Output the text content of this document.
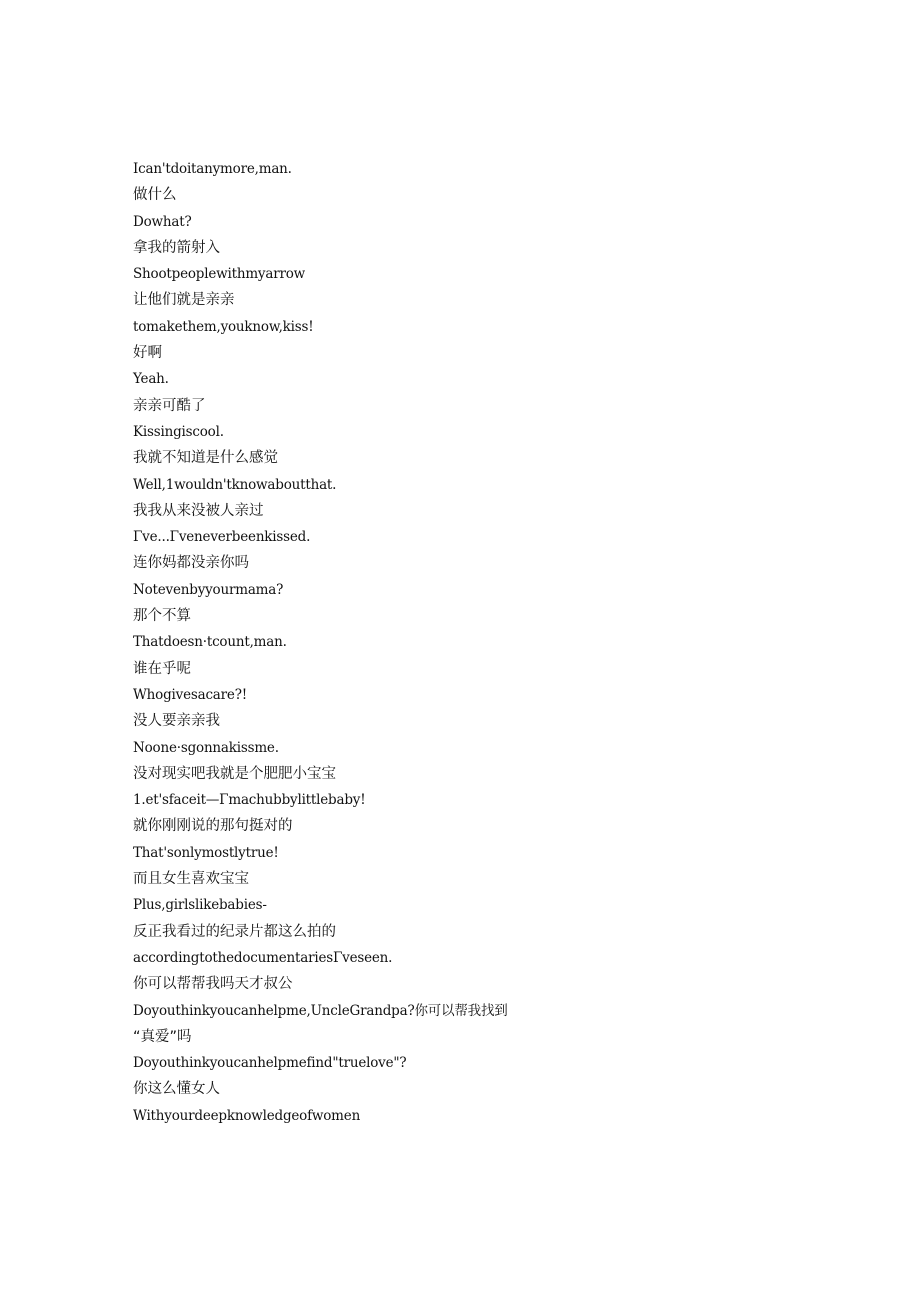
Ican'tdoitanymore,man.
做什么
Dowhat?
拿我的箭射入
Shootpeoplewithmyarrow
让他们就是亲亲
tomakethem,youknow,kiss!
好啊
Yeah.
亲亲可酷了
Kissingiscool.
我就不知道是什么感觉
Well,1wouldn'tknowaboutthat.
我我从来没被人亲过
Γve...Γveneverbeenkissed.
连你妈都没亲你吗
Notevenbyyourmama?
那个不算
Thatdoesn·tcount,man.
谁在乎呢
Whogivesacare?!
没人要亲亲我
Noone·sgonnakissme.
没对现实吧我就是个肥肥小宝宝
1.et'sfaceit—Γmachubbylittlebaby!
就你刚刚说的那句挺对的
That'sonlymostlytrue!
而且女生喜欢宝宝
Plus,girlslikebabies-
反正我看过的纪录片都这么拍的
accordingtothedocumentariesΓveseen.
你可以帮帮我吗天才叔公
Doyouthinkyoucanhelpme,UncleGrandpa?你可以帮我找到
“真爱”吗
Doyouthinkyoucanhelpmefind"truelove"?
你这么懂女人
Withyourdeepknowledgeofwomen
